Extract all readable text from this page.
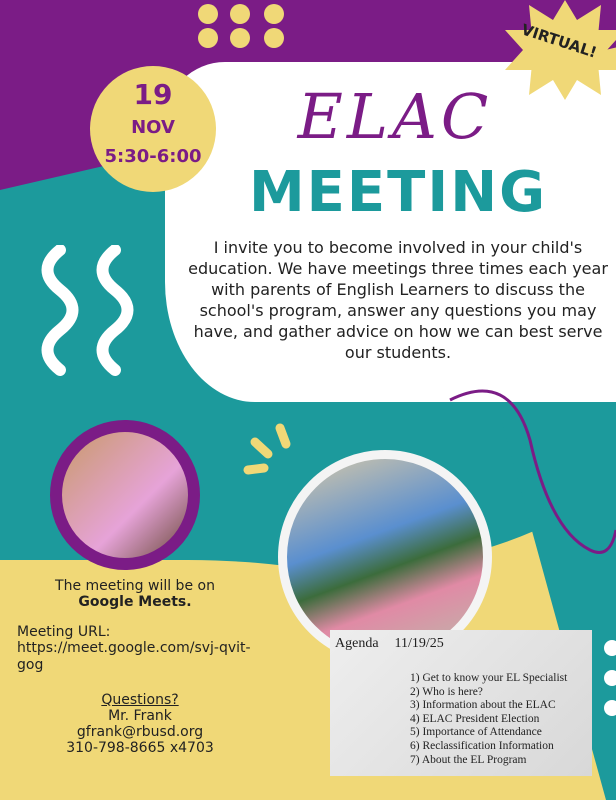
VIRTUAL!
19
NOV
5:30-6:00
ELAC
MEETING
I invite you to become involved in your child's education. We have meetings three times each year with parents of English Learners to discuss the school's program, answer any questions you may have, and gather advice on how we can best serve our students.
The meeting will be on
Google Meets.
Meeting URL:
https://meet.google.com/svj-qvit-gog
Questions?
Mr. Frank
gfrank@rbusd.org
310-798-8665 x4703
Agenda 11/19/25
1) Get to know your EL Specialist
2) Who is here?
3) Information about the ELAC
4) ELAC President Election
5) Importance of Attendance
6) Reclassification Information
7) About the EL Program
